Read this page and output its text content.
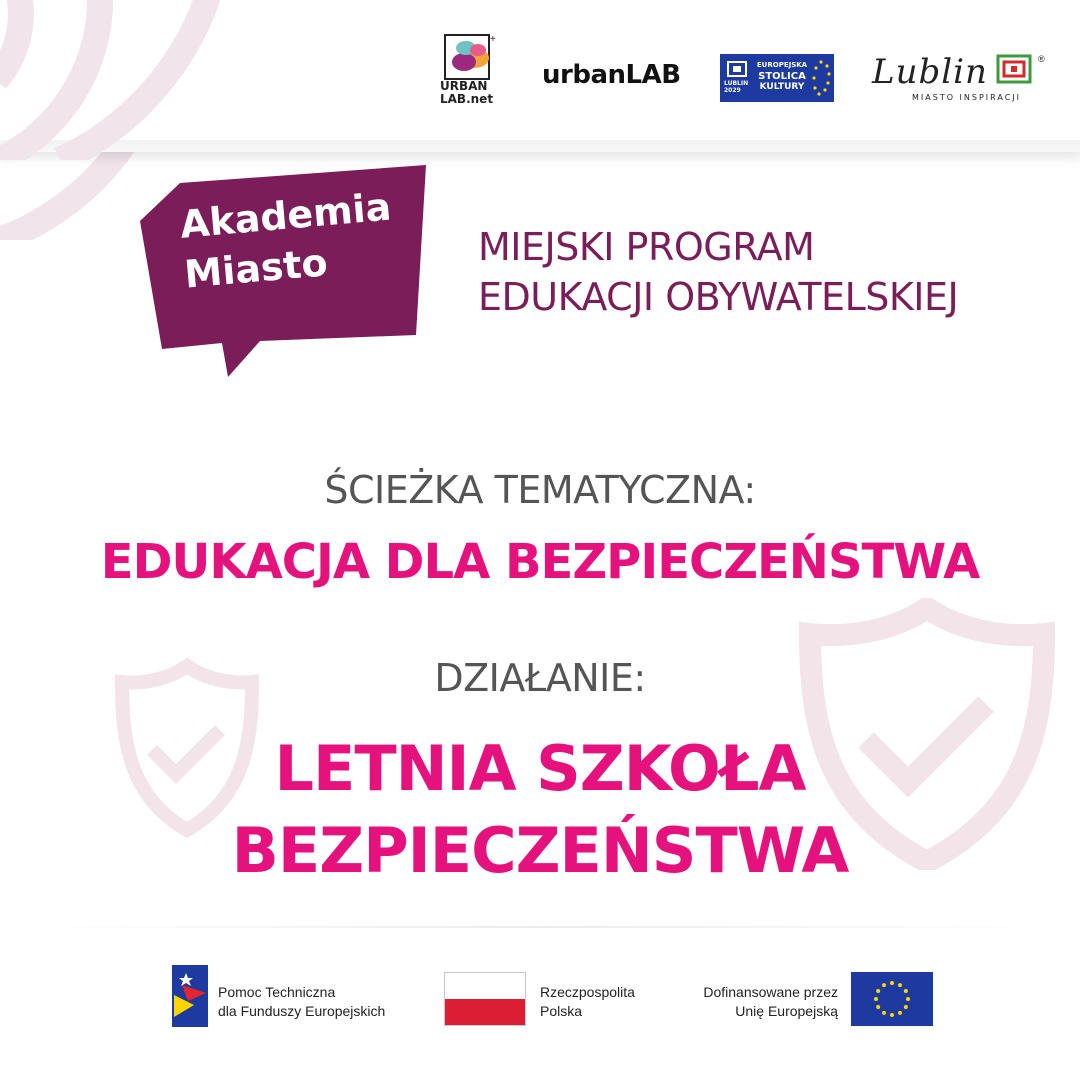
+
URBAN
LAB.net
urbanLAB	LUBLIN
2029
EUROPEJSKA
STOLICA
KULTURY Lublin	®
MIASTO INSPIRACJI
Akademia
Miasto	MIEJSKI PROGRAM
EDUKACJI OBYWATELSKIEJ
ŚCIEŻKA TEMATYCZNA:
EDUKACJA DLA BEZPIECZEŃSTWA
DZIAŁANIE:
LETNIA SZKOŁA
BEZPIECZEŃSTWA
Pomoc Techniczna
dla Funduszy Europejskich
Rzeczpospolita
Polska
Dofinansowane przez
Unię Europejską
